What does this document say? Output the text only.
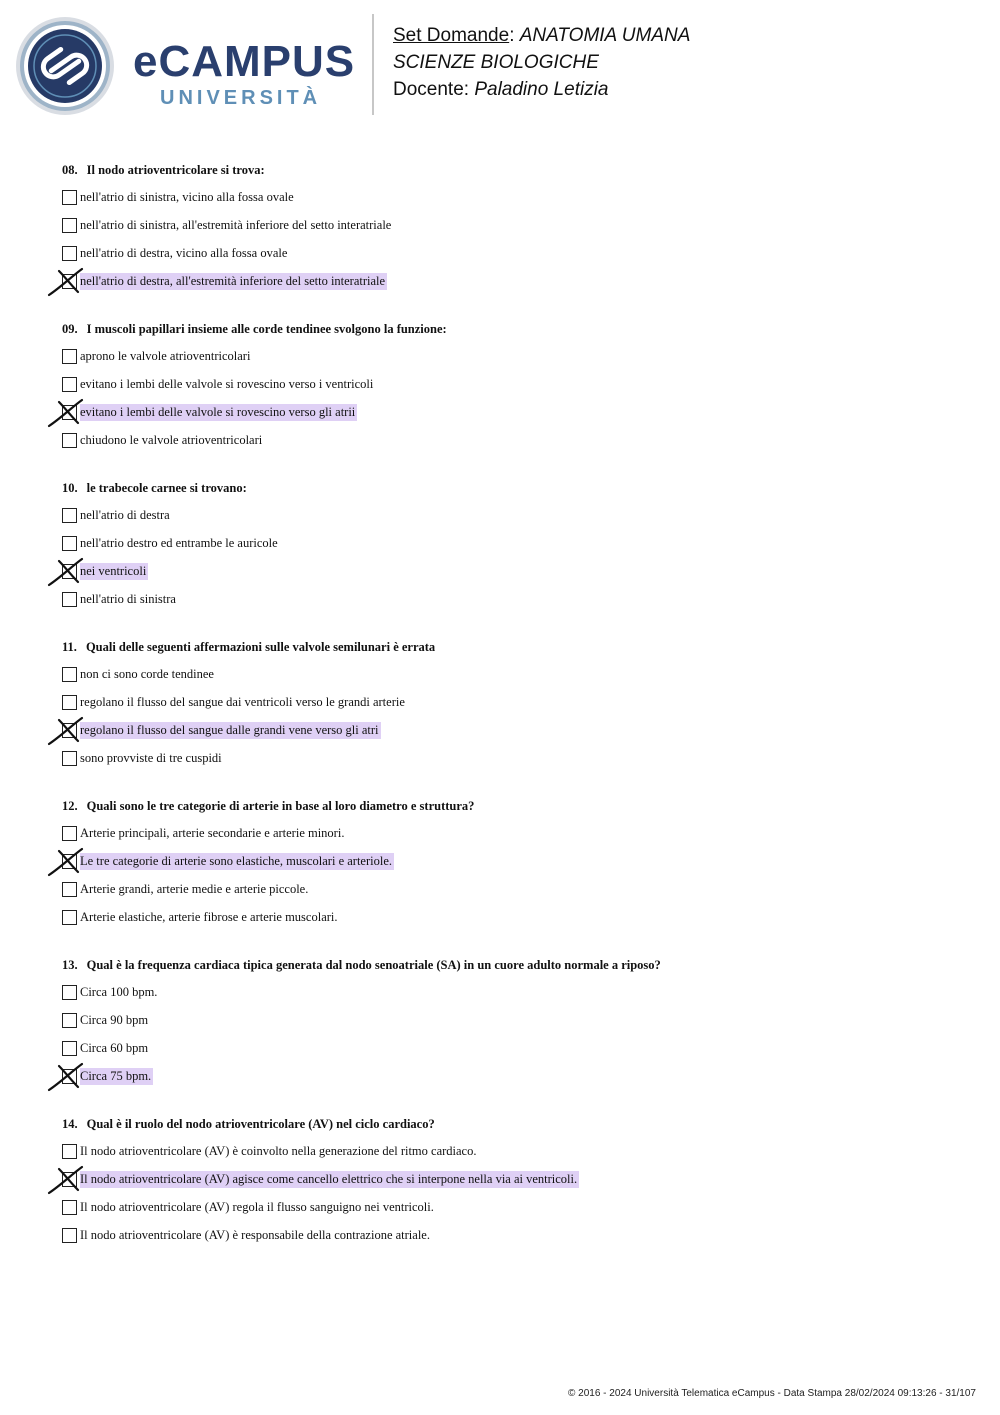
eCAMPUS
UNIVERSITÀ
Set Domande: ANATOMIA UMANA
SCIENZE BIOLOGICHE
Docente: Paladino Letizia
08. Il nodo atrioventricolare si trova:
nell'atrio di sinistra, vicino alla fossa ovale
nell'atrio di sinistra, all'estremità inferiore del setto interatriale
nell'atrio di destra, vicino alla fossa ovale
nell'atrio di destra, all'estremità inferiore del setto interatriale
09. I muscoli papillari insieme alle corde tendinee svolgono la funzione:
aprono le valvole atrioventricolari
evitano i lembi delle valvole si rovescino verso i ventricoli
evitano i lembi delle valvole si rovescino verso gli atrii
chiudono le valvole atrioventricolari
10. le trabecole carnee si trovano:
nell'atrio di destra
nell'atrio destro ed entrambe le auricole
nei ventricoli
nell'atrio di sinistra
11. Quali delle seguenti affermazioni sulle valvole semilunari è errata
non ci sono corde tendinee
regolano il flusso del sangue dai ventricoli verso le grandi arterie
regolano il flusso del sangue dalle grandi vene verso gli atri
sono provviste di tre cuspidi
12. Quali sono le tre categorie di arterie in base al loro diametro e struttura?
Arterie principali, arterie secondarie e arterie minori.
Le tre categorie di arterie sono elastiche, muscolari e arteriole.
Arterie grandi, arterie medie e arterie piccole.
Arterie elastiche, arterie fibrose e arterie muscolari.
13. Qual è la frequenza cardiaca tipica generata dal nodo senoatriale (SA) in un cuore adulto normale a riposo?
Circa 100 bpm.
Circa 90 bpm
Circa 60 bpm
Circa 75 bpm.
14. Qual è il ruolo del nodo atrioventricolare (AV) nel ciclo cardiaco?
Il nodo atrioventricolare (AV) è coinvolto nella generazione del ritmo cardiaco.
Il nodo atrioventricolare (AV) agisce come cancello elettrico che si interpone nella via ai ventricoli.
Il nodo atrioventricolare (AV) regola il flusso sanguigno nei ventricoli.
Il nodo atrioventricolare (AV) è responsabile della contrazione atriale.
© 2016 - 2024 Università Telematica eCampus - Data Stampa 28/02/2024 09:13:26 - 31/107
